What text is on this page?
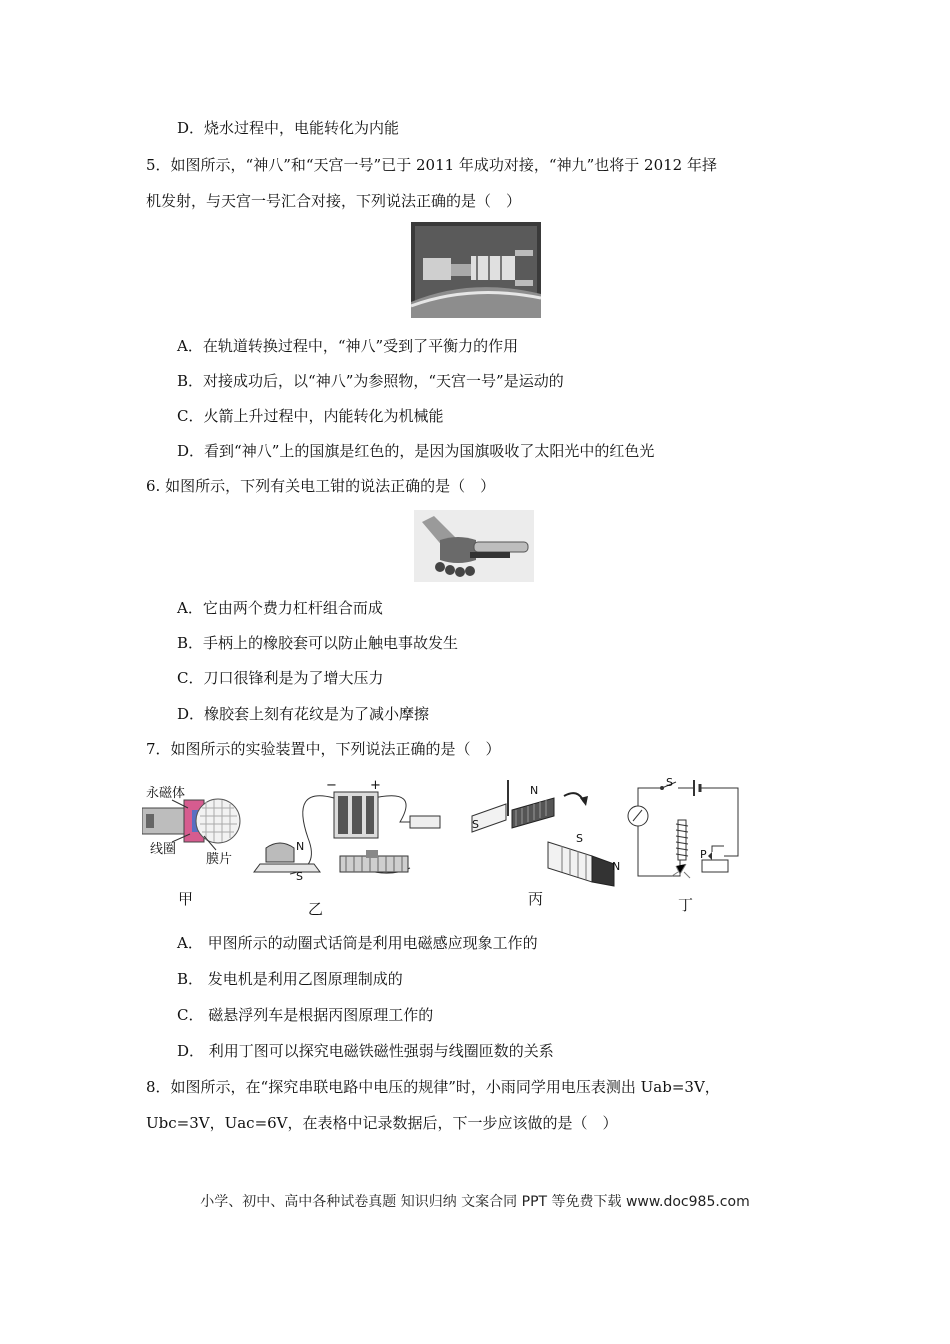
D．烧水过程中，电能转化为内能
5．如图所示，“神八”和“天宫一号”已于 2011 年成功对接，“神九”也将于 2012 年择
机发射，与天宫一号汇合对接，下列说法正确的是（　）
A．在轨道转换过程中，“神八”受到了平衡力的作用
B．对接成功后，以“神八”为参照物，“天宫一号”是运动的
C．火箭上升过程中，内能转化为机械能
D．看到“神八”上的国旗是红色的，是因为国旗吸收了太阳光中的红色光
6. 如图所示，下列有关电工钳的说法正确的是（　）
A．它由两个费力杠杆组合而成
B．手柄上的橡胶套可以防止触电事故发生
C．刀口很锋利是为了增大压力
D．橡胶套上刻有花纹是为了减小摩擦
7．如图所示的实验装置中，下列说法正确的是（　）
永磁体
线圈
膜片
甲
−	+
N
S
乙
S
N
S
N
丙
S
P
丁
A． 甲图所示的动圈式话筒是利用电磁感应现象工作的
B． 发电机是利用乙图原理制成的
C． 磁悬浮列车是根据丙图原理工作的
D． 利用丁图可以探究电磁铁磁性强弱与线圈匝数的关系
8．如图所示，在“探究串联电路中电压的规律”时，小雨同学用电压表测出 Uab=3V，
Ubc=3V，Uac=6V，在表格中记录数据后，下一步应该做的是（　）
小学、初中、高中各种试卷真题 知识归纳 文案合同 PPT 等免费下载 www.doc985.com
